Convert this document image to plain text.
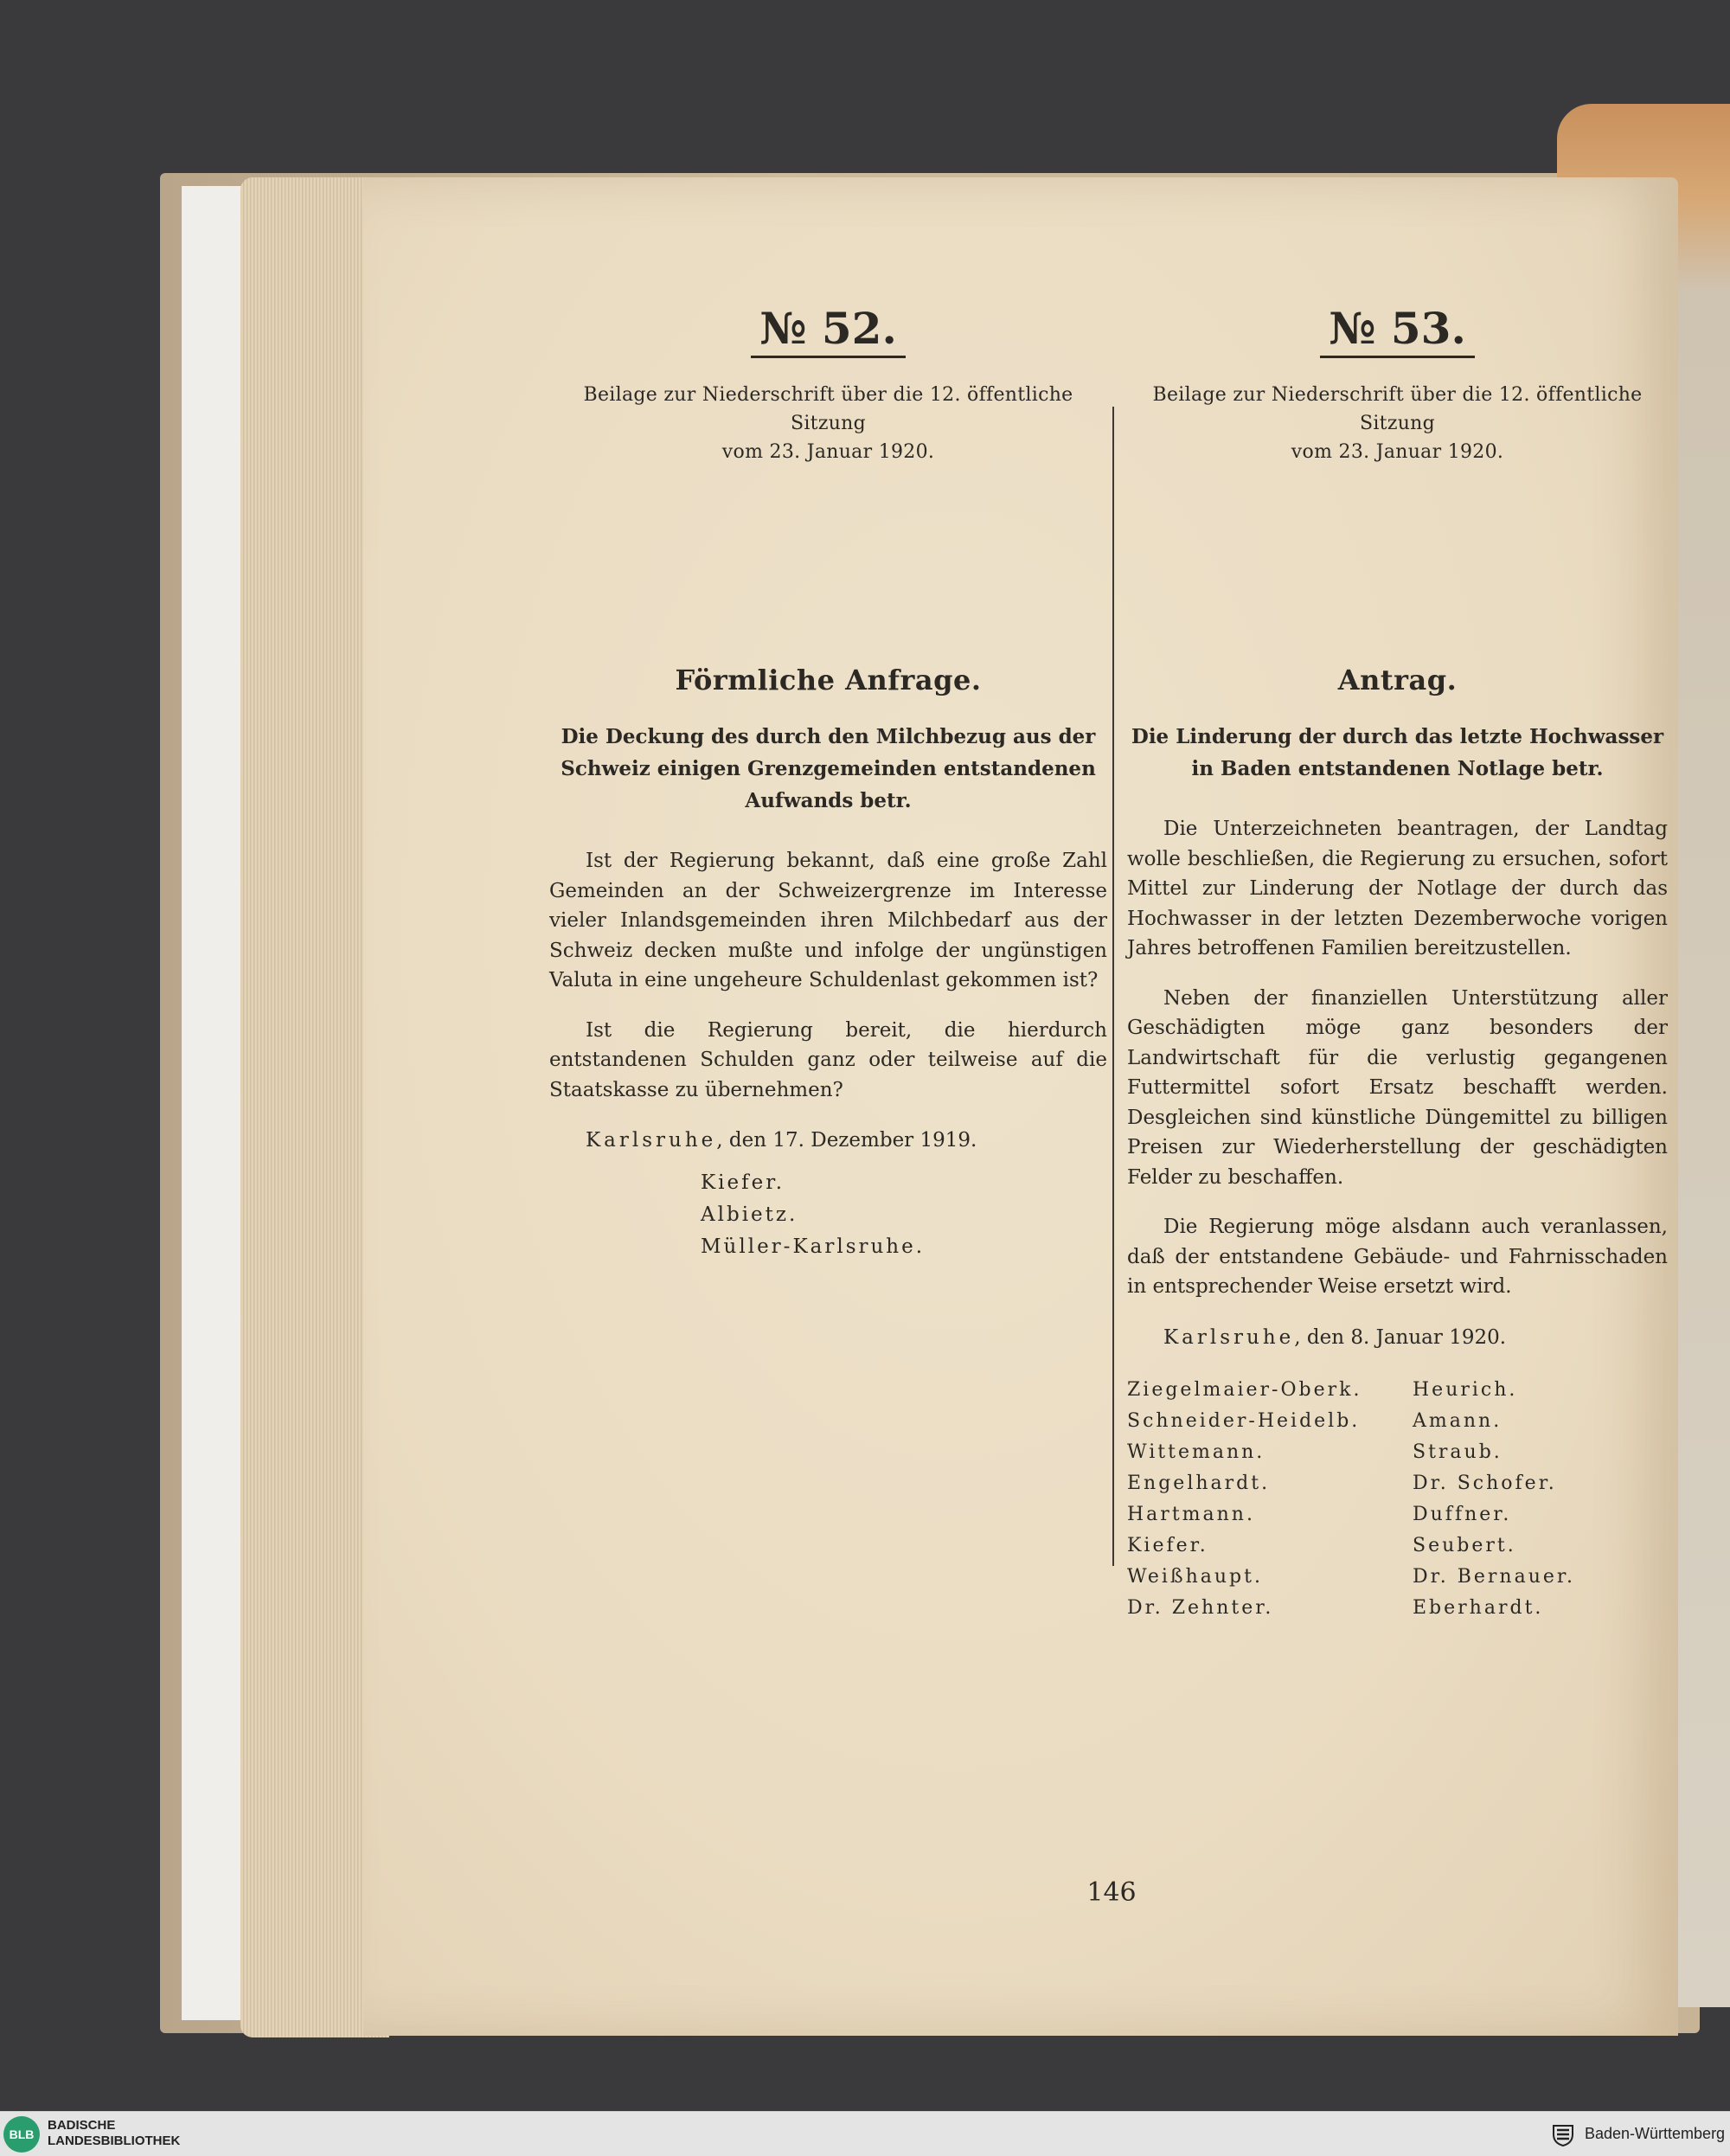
№ 52.
Beilage zur Niederschrift über die 12. öffentliche Sitzung
vom 23. Januar 1920.
Förmliche Anfrage.
Die Deckung des durch den Milchbezug aus der Schweiz einigen Grenzgemeinden entstandenen Aufwands betr.

Ist der Regierung bekannt, daß eine große Zahl Gemeinden an der Schweizergrenze im Interesse vieler Inlandsgemeinden ihren Milchbedarf aus der Schweiz decken mußte und infolge der ungünstigen Valuta in eine ungeheure Schuldenlast gekommen ist?

Ist die Regierung bereit, die hierdurch entstandenen Schulden ganz oder teilweise auf die Staatskasse zu übernehmen?

Karlsruhe, den 17. Dezember 1919.
Kiefer.
Albietz.
Müller-Karlsruhe.
№ 53.
Beilage zur Niederschrift über die 12. öffentliche Sitzung
vom 23. Januar 1920.
Antrag.
Die Linderung der durch das letzte Hochwasser in Baden entstandenen Notlage betr.

Die Unterzeichneten beantragen, der Landtag wolle beschließen, die Regierung zu ersuchen, sofort Mittel zur Linderung der Notlage der durch das Hochwasser in der letzten Dezemberwoche vorigen Jahres betroffenen Familien bereitzustellen.

Neben der finanziellen Unterstützung aller Geschädigten möge ganz besonders der Landwirtschaft für die verlustig gegangenen Futtermittel sofort Ersatz beschafft werden. Desgleichen sind künstliche Düngemittel zu billigen Preisen zur Wiederherstellung der geschädigten Felder zu beschaffen.

Die Regierung möge alsdann auch veranlassen, daß der entstandene Gebäude- und Fahrnisschaden in entsprechender Weise ersetzt wird.

Karlsruhe, den 8. Januar 1920.
Ziegelmaier-Oberk.	Heurich.
Schneider-Heidelb.	Amann.
Wittemann.	Straub.
Engelhardt.	Dr. Schofer.
Hartmann.	Duffner.
Kiefer.	Seubert.
Weißhaupt.	Dr. Bernauer.
Dr. Zehnter.	Eberhardt.
146
BLB
BADISCHE
LANDESBIBLIOTHEK	Baden-Württemberg
